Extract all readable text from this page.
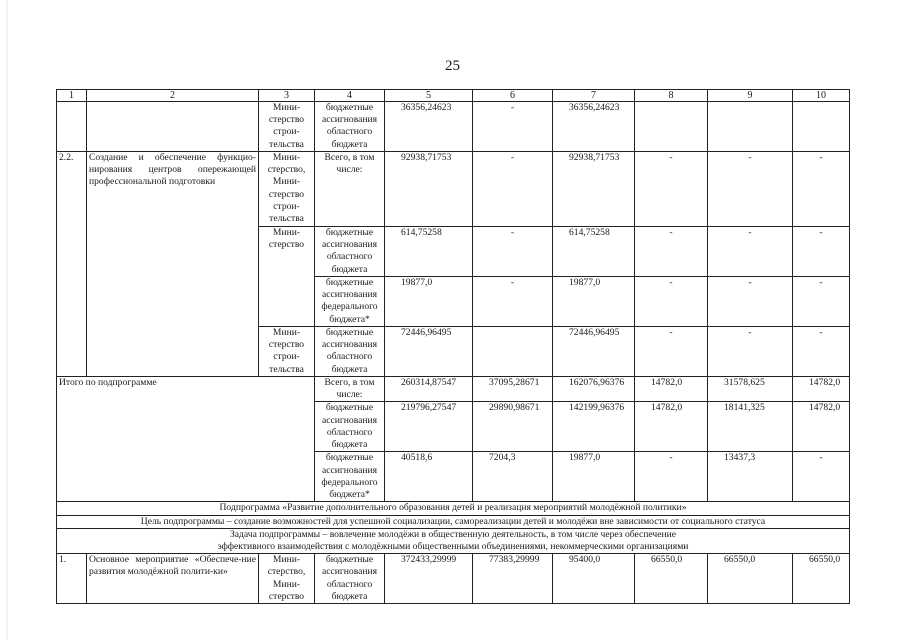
25
1	2	3	4	5	6	7	8	9	10
		Мини-стерство строи-тельства	бюджетные ассигнования областного бюджета	36356,24623	-	36356,24623			
2.2.	Создание и обеспечение функцио-нирования центров опережающей профессиональной подготовки	Мини-стерство, Мини-стерство строи-тельства	Всего, в том числе:	92938,71753	-	92938,71753	-	-	-
		Мини-стерство	бюджетные ассигнования областного бюджета	614,75258	-	614,75258	-	-	-
			бюджетные ассигнования федерального бюджета*	19877,0	-	19877,0	-	-	-
		Мини-стерство строи-тельства	бюджетные ассигнования областного бюджета	72446,96495		72446,96495	-	-	-
Итого по подпрограмме			Всего, в том числе:	260314,87547	37095,28671	162076,96376	14782,0	31578,625	14782,0
			бюджетные ассигнования областного бюджета	219796,27547	29890,98671	142199,96376	14782,0	18141,325	14782,0
			бюджетные ассигнования федерального бюджета*	40518,6	7204,3	19877,0	-	13437,3	-
Подпрограмма «Развитие дополнительного образования детей и реализация мероприятий молодёжной политики»									
Цель подпрограммы – создание возможностей для успешной социализации, самореализации детей и молодёжи вне зависимости от социального статуса									

Задача подпрограммы – вовлечение молодёжи в общественную деятельность, в том числе через обеспечение
эффективного взаимодействия с молодёжными общественными объединениями, некоммерческими организациями									

1.	Основное мероприятие «Обеспече-ние развития молодёжной полити-ки»	Мини-стерство, Мини-стерство	бюджетные ассигнования областного бюджета	372433,29999	77383,29999	95400,0	66550,0	66550,0	66550,0
